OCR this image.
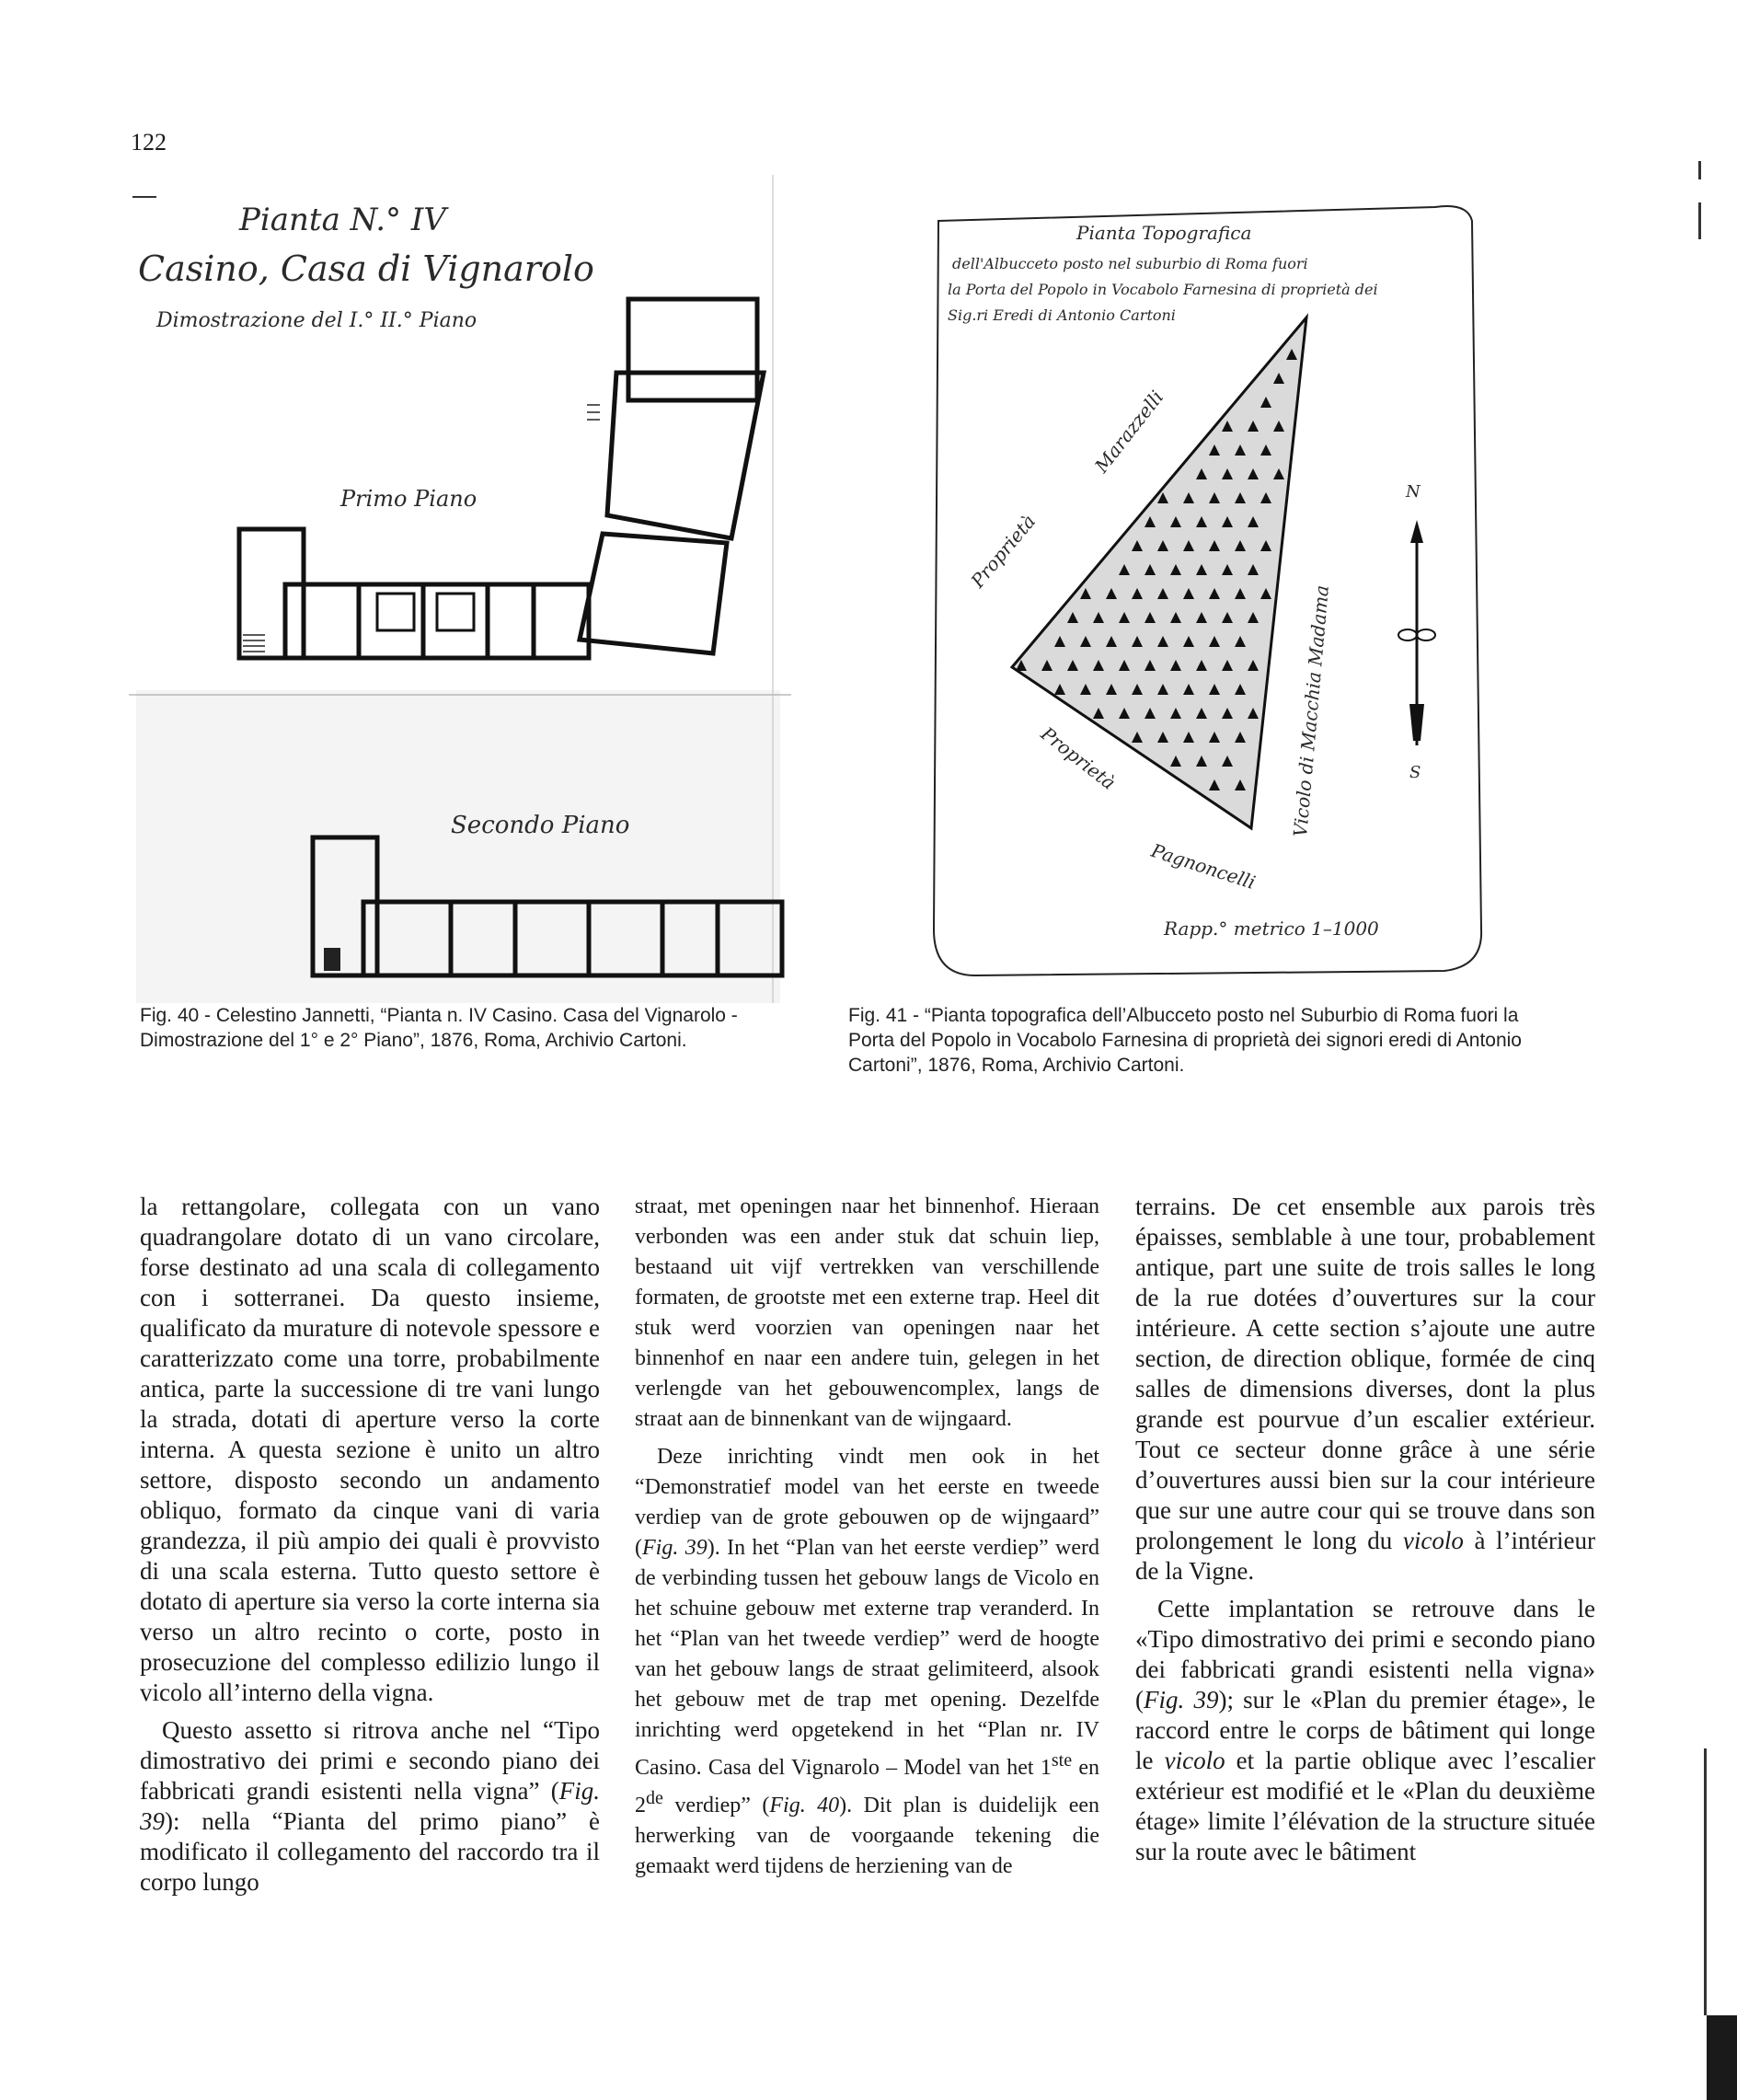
122
Pianta N.° IV
Casino, Casa di Vignarolo
Dimostrazione del I.° II.° Piano
Primo Piano
Secondo Piano
Pianta Topografica
dell'Albucceto posto nel suburbio di Roma fuori
la Porta del Popolo in Vocabolo Farnesina di proprietà dei
Sig.ri Eredi di Antonio Cartoni
Marazzelli
Proprietà
Proprietà	Vicolo di Macchia Madama
Pagnoncelli
N
S
Rapp.° metrico 1–1000
Fig. 40 - Celestino Jannetti, “Pianta n. IV Casino. Casa del Vignarolo - Dimostrazione del 1° e 2° Piano”, 1876, Roma, Archivio Cartoni.
Fig. 41 - “Pianta topografica dell’Albucceto posto nel Suburbio di Roma fuori la Porta del Popolo in Vocabolo Farnesina di proprietà dei signori eredi di Antonio Cartoni”, 1876, Roma, Archivio Cartoni.

la rettangolare, collegata con un vano quadrangolare dotato di un vano circolare, forse destinato ad una scala di collegamento con i sotterranei. Da questo insieme, qualificato da murature di notevole spessore e caratterizzato come una torre, probabilmente antica, parte la successione di tre vani lungo la strada, dotati di aperture verso la corte interna. A questa sezione è unito un altro settore, disposto secondo un andamento obliquo, formato da cinque vani di varia grandezza, il più ampio dei quali è provvisto di una scala esterna. Tutto questo settore è dotato di aperture sia verso la corte interna sia verso un altro recinto o corte, posto in prosecuzione del complesso edilizio lungo il vicolo all’interno della vigna.

Questo assetto si ritrova anche nel “Tipo dimostrativo dei primi e secondo piano dei fabbricati grandi esistenti nella vigna” (Fig. 39): nella “Pianta del primo piano” è modificato il collegamento del raccordo tra il corpo lungo

straat, met openingen naar het binnenhof. Hieraan verbonden was een ander stuk dat schuin liep, bestaand uit vijf vertrekken van verschillende formaten, de grootste met een externe trap. Heel dit stuk werd voorzien van openingen naar het binnenhof en naar een andere tuin, gelegen in het verlengde van het gebouwencomplex, langs de straat aan de binnenkant van de wijngaard.

Deze inrichting vindt men ook in het “Demonstratief model van het eerste en tweede verdiep van de grote gebouwen op de wijngaard” (Fig. 39). In het “Plan van het eerste verdiep” werd de verbinding tussen het gebouw langs de Vicolo en het schuine gebouw met externe trap veranderd. In het “Plan van het tweede verdiep” werd de hoogte van het gebouw langs de straat gelimiteerd, alsook het gebouw met de trap met opening. Dezelfde inrichting werd opgetekend in het “Plan nr. IV Casino. Casa del Vignarolo – Model van het 1ste en 2de verdiep” (Fig. 40). Dit plan is duidelijk een herwerking van de voorgaande tekening die gemaakt werd tijdens de herziening van de

terrains. De cet ensemble aux parois très épaisses, semblable à une tour, probablement antique, part une suite de trois salles le long de la rue dotées d’ouvertures sur la cour intérieure. A cette section s’ajoute une autre section, de direction oblique, formée de cinq salles de dimensions diverses, dont la plus grande est pourvue d’un escalier extérieur. Tout ce secteur donne grâce à une série d’ouvertures aussi bien sur la cour intérieure que sur une autre cour qui se trouve dans son prolongement le long du vicolo à l’intérieur de la Vigne.

Cette implantation se retrouve dans le «Tipo dimostrativo dei primi e secondo piano dei fabbricati grandi esistenti nella vigna» (Fig. 39); sur le «Plan du premier étage», le raccord entre le corps de bâtiment qui longe le vicolo et la partie oblique avec l’escalier extérieur est modifié et le «Plan du deuxième étage» limite l’élévation de la structure située sur la route avec le bâtiment
